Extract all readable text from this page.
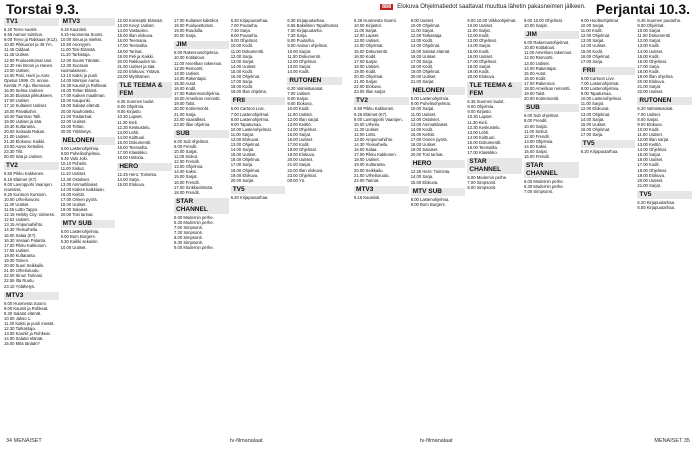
Torstai 9.3.	888	Elokuva Ohjelmatiedot saattavat muuttua lähetin pakasneimen jälkeen. Perjantai 10.3.
TV1
6.20 Tervo suosis.
6.55 Aamun toimitus.
9.00 Tervo ja Rakkaus (K12).
10.00 Pikkuunet ja 48 Ym.
11.45 Oddaat.
11.45 Uutiset.
12.00 Puolueettomat Uus.
12.30 Hei Broon ja Hanen.
13.00 Uutiset.
14.00 Pasi, Harri ja Aaro.
Opetus 1999. Ol. annoe.
Kenttä: P. Alju. Ilkennaus.
16.00 Selma Uutinen.
16.30 Elamää pikkukseen.
17.00 Uutiset.
17.10 Kultaiset Uutiset.
18.00 Päiväkahvi.
18.30 Taarman Talli.
19.00 Uutiset ja sää.
19.30 Kultaranta.
20.00 Sairaala Rakas.
21.00 Uutiset.
21.30 Elokuva: Kaikki.
23.00 Aamu Kettuliini.
23.30 Tilit.
00.00 Sää ja Uutiset.
TV2
6.50 Pikku Kakkonen.
8.16 Eläimet (K7).
9.00 Lavroppohi Vaarojen.
reunisiss.
9.20 Kuntoon Kuntoon.
10.00 Urheiluvuoro.
11.30 Uutiset.
11.55 Lotto Tappo.
12.15 Helsky City: sinisess.
12.52 Uutiset.
13.15 Ampumahiihto.
14.30 Yleisurheilu.
16.00 Salaa (K7).
16.30 Vesaan Palanta.
17.00 Pikku Kakkonen.
17.55 Uutiset.
19.00 Kultaranta.
19.30 Toinen.
20.00 Suuri Seikkailu.
21.00 Urheiluruutu.
22.00 Sinun Tarinasi.
22.55 Ilta Ruutu.
23.10 Yölähetys.
MTV3
6.00 Huomenta Suomi.
9.00 Kauniit ja Rohkeat.
9.30 Salatut elämät.
10.00 Jakso 1.
11.30 Kaksi ja puoli miestä.
12.30 Tarkastaja.
13.00 Kauniit ja Rohkeat.
14.00 Salatut elämät.
15.00 Mitä tänään?
MTV3
6.15 Kauniisti.
6.15 Huomenta Suomi.
10.00 Sinua ja mieliss.
10.50 Anonyymi.
11.00 Tosi Elämää.
11.20 Tarkistaja.
12.00 Suomi Tänään.
12.30 Suoraan suomalaiseen.
13.10 Kaksi ja puoli.
14.00 Morsian Aamu.
15.30 Kauniit ja Rohkeat.
16.00 Teltan Elämä.
17.00 Kaiken maailman.
18.00 Kaupunki.
19.00 Salatut elämät.
20.00 Nauhoitettu.
21.00 Tositarinat.
22.00 Uutiset.
23.00 Teltan.
00.00 Yölähetys.
NELONEN
6.00 Lastenohjelmia.
9.00 Puhelinohjelmia.
9.45 Valo Joki.
10.10 Puhelin.
11.00 Sinkut.
11.10 Uutiset.
12.30 Ostokset.
13.00 Ammattilaiset.
14.00 Kaiken kaikkiaan.
16.00 Keittiö.
17.00 Onnen pyörä.
18.00 Uutiset.
19.00 Salaiset.
20.00 Tosi tarinat.
MTV SUB
8.00 Lastenohjelmia.
9.00 Burn Burgers.
9.30 Kaikki sekaisin.
10.00 Uutiset.
12.00 Konseptit Elämää.
13.00 Kevyt Uutiset.
14.00 Vastaamo.
15.00 Illan elokuva.
16.00 Teemana.
17.00 Teemailta.
18.00 Tarinat.
19.00 Peli ja Kaikki.
20.00 Rakkauden tie.
21.00 Uutiset ja sää.
22.00 Elokuva: Ystävä.
23.00 Myöhäinen.
TLE TEEMA & FEM
6.35 Suomen laulut.
8.00 Ohjelmia.
9.00 Kirjasto.
10.30 Lapset.
11.30 Kieli.
12.30 Keskustelu.
13.00 Lehti.
14.00 Kulttuuri.
15.00 Dokumentti.
16.00 Teemailta.
17.00 Klassikko.
18.00 Historia.
HERO
12.45 Hero: Toiminta.
14.00 Sarja.
15.00 Elokuva.
17.00 Kultaiset kaksikot.
18.00 Puolueettomat.
19.00 Ruudulla.
20.00 Sarja.
JIM
6.00 Rakennusohjelmia.
10.00 Kotitalous.
11.00 Amerikan rakennus.
12.00 Remontti.
13.00 Uutiset.
14.00 Rakentajat.
15.00 Autot.
16.00 Kodit.
17.00 Rakennusohjelma.
18.00 Amerikan remontti.
19.00 Talot.
20.00 Kotiremontit.
21.00 Sarja.
22.00 Vaaralliset.
23.00 Illan ohjelma.
SUB
6.00 Sub ohjelmat.
9.00 Frendit.
10.00 Sarjat.
11.00 Sinkut.
12.00 Frendit.
13.00 Ohjelmia.
14.00 Kaksi.
15.00 Sarjat.
16.00 Frendit.
17.00 Sinkkuelämää.
18.00 Frendit.
STAR CHANNEL
6.00 Modernin perhe.
6.30 Modernin perhe.
7.00 Simpsonit.
7.30 Simpsonit.
8.00 Simpsonit.
8.30 Simpsonit.
9.00 Modernin perhe.
6.30 Kirjapuutarhaa.
7.00 Puutarha.
7.30 Sarja.
8.00 Puutarha.
9.00 Ohjelmat.
10.00 Kodit.
11.00 Dokumentti.
12.00 Sarja.
13.00 Sarjat.
14.00 Uutiset.
15.00 Kodit.
16.00 Ohjelmat.
17.00 Sarja.
18.00 Kodit.
19.00 Illan ohjelma.
FRII
6.00 Cartoon Live.
7.00 Lastenohjelmat.
8.00 Lastenohjelmia.
9.00 Tapatumaa.
10.00 Lastenohjelmat.
11.00 Sarjat.
12.00 Elokuvat.
13.00 Ohjelmat.
14.00 Sarjat.
15.00 Uutiset.
16.00 Ohjelmat.
17.00 Sarja.
18.00 Ohjelmat.
19.00 Elokuva.
20.00 Sarjat.
TV5
6.20 Kirjapuutarhaa.
6.30 Kirjapuutarhaa.
6.55 Bakelitien Tapahtumat.
7.00 Kirjapuutarha.
7.30 Sarja.
8.00 Puutarha.
9.00 Aamun ohjelmat.
10.00 Sarjat.
11.00 Dokumentti.
12.00 Ohjelmat.
13.00 Sarjat.
14.00 Kodit.
RUTONEN
6.20 Valmistusosat.
7.00 Uutiset.
8.00 Sarjat.
9.00 Elokuva.
10.00 Kodit.
11.00 Uutiset.
12.00 Illan sarjat.
13.00 Keittiö.
14.00 Ohjelmat.
15.00 Sarjat.
16.00 Uutiset.
17.00 Kodit.
18.00 Ohjelmat.
19.00 Elokuva.
20.00 Uutiset.
21.00 Sarjat.
22.00 Illan elokuva.
23.00 Ohjelmat.
00.00 Yö.
6.25 Huomenta Suomi.
10.00 Kirjastot.
11.00 Sarjat.
12.00 Lapset.
13.00 Uutiset.
14.00 Ohjelmat.
15.00 Dokumentti.
16.00 Kodit.
17.00 Sarjat.
18.00 Uutiset.
19.00 Kodit.
20.00 Ohjelmat.
21.00 Sarjat.
22.00 Elokuva.
23.00 Illan sarjat.
TV2
6.50 Pikku Kakkonen.
8.25 Eläimet (K7).
9.00 Lavroppohi Vaarojen.
10.00 Urheilu.
11.30 Uutiset.
12.00 Lotto.
13.00 Ampumahiihto.
14.30 Yleisurheilu.
16.00 Salaa.
17.00 Pikku Kakkonen.
18.00 Uutiset.
19.00 Kultaranta.
20.00 Seikkailu.
21.00 Urheiluruutu.
22.00 Tarinat.
MTV3
6.15 Kauniisti.
9.00 Uutiset.
10.00 Ohjelmat.
11.00 Sarjat.
12.00 Tarkastaja.
13.00 Kodit.
14.00 Ohjelmat.
15.00 Salatut elämät.
16.00 Uutiset.
17.00 Sarja.
18.00 Kodit.
19.00 Ohjelmat.
20.00 Uutiset.
21.00 Sarjat.
NELONEN
6.00 Lastenohjelmia.
9.00 Puhelinohjelmat.
10.00 Sarjat.
11.00 Uutiset.
12.00 Ostokset.
13.00 Ammattilaiset.
14.00 Kodit.
16.00 Keittiö.
17.00 Onnen pyörä.
18.00 Uutiset.
19.00 Salaiset.
20.00 Tosi tarinat.
HERO
12.25 Hero: Toiminta.
14.00 Sarja.
15.00 Elokuva.
MTV SUB
8.00 Lastenohjelmia.
9.00 Burn Burgers.
9.00 10.00 Viikkoohjelmat.
10.00 Uutiset.
11.00 Sarjat.
12.00 Kodit.
13.00 Ohjelmat.
14.00 Sarjat.
15.00 Kodit.
16.00 Uutiset.
17.00 Ohjelmat.
18.00 Sarjat.
19.00 Kodit.
20.00 Elokuva.
TLE TEEMA & FEM
6.35 Suomen laulut.
8.00 Ohjelmia.
9.00 Kirjasto.
10.30 Lapset.
11.30 Kieli.
12.30 Keskustelu.
13.00 Lehti.
14.00 Kulttuuri.
15.00 Dokumentti.
16.00 Teemailta.
17.00 Klassikko.
STAR CHANNEL
6.00 Modernin perhe.
7.00 Simpsonit.
8.00 Simpsonit.
9.00 10.00 Ohjelmat.
10.00 Sarjat.
JIM
6.00 Rakennusohjelmat.
10.00 Kotitalous.
11.00 Amerikan rakennus.
12.00 Remontti.
13.00 Uutiset.
14.00 Rakentajat.
15.00 Autot.
16.00 Kodit.
17.00 Rakennus.
18.00 Amerikan remontti.
19.00 Talot.
20.00 Kotiremontit.
SUB
6.00 Sub ohjelmat.
9.00 Frendit.
10.00 Sarjat.
11.00 Sinkut.
12.00 Frendit.
13.00 Ohjelmia.
14.00 Kaksi.
15.00 Sarjat.
16.00 Frendit.
STAR CHANNEL
6.00 Modernin perhe.
6.30 Modernin perhe.
7.00 Simpsonit.
9.00 Huoltoohjelmat.
10.00 Sarjat.
11.00 Kodit.
12.00 Ohjelmat.
13.00 Sarjat.
14.00 Uutiset.
15.00 Kodit.
16.00 Ohjelmat.
17.00 Sarja.
FRII
6.00 Cartoon Live.
7.00 Lastenohjelmat.
8.00 Lastenohjelmia.
9.00 Tapatumaa.
10.00 Lastenohjelmat.
11.00 Sarjat.
12.00 Elokuvat.
13.00 Ohjelmat.
14.00 Sarjat.
15.00 Uutiset.
16.00 Ohjelmat.
17.00 Sarja.
TV5
6.20 Kirjapuutarhaa.
8.45 Suomen puutarha.
9.00 Ohjelmat.
10.00 Sarjat.
11.00 Dokumentti.
12.00 Sarjat.
13.00 Kodit.
14.00 Uutiset.
15.00 Kodit.
16.00 Ohjelmat.
17.00 Sarja.
18.00 Kodit.
19.00 Illan ohjelma.
20.00 Elokuva.
21.00 Sarjat.
22.00 Uutiset.
RUTONEN
6.20 Valmistusosat.
7.00 Uutiset.
8.00 Sarjat.
9.00 Elokuva.
10.00 Kodit.
11.00 Uutiset.
12.00 Illan sarjat.
13.00 Keittiö.
14.00 Ohjelmat.
15.00 Sarjat.
16.00 Uutiset.
17.00 Kodit.
18.00 Ohjelmat.
19.00 Elokuva.
20.00 Uutiset.
21.00 Sarjat.
TV5
6.20 Kirjapuutarhaa.
6.55 Kirjapuutarhaa.
34 MENAISET	tv-filmanalaat	tv-filmanalaat	MENAISET 35
